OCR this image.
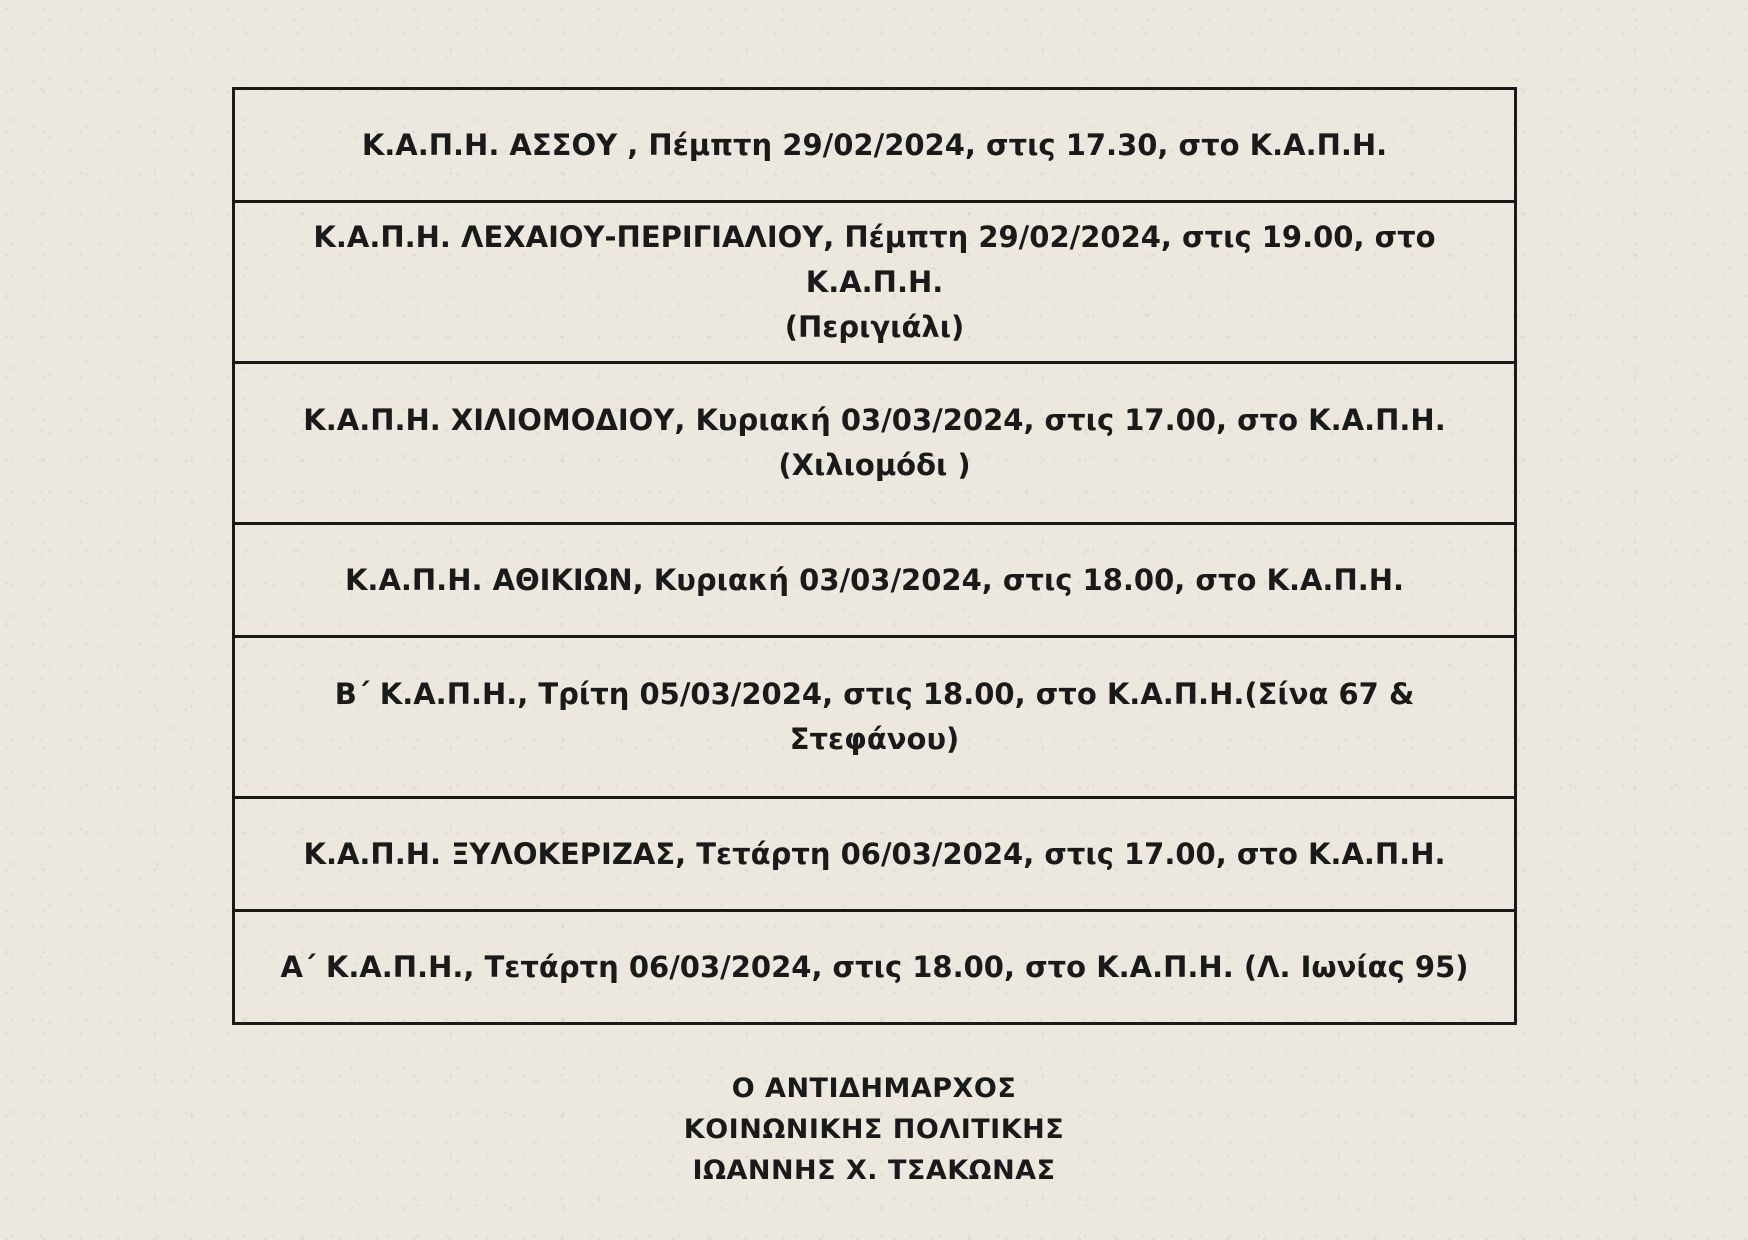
Κ.Α.Π.Η. ΑΣΣΟΥ , Πέμπτη 29/02/2024, στις 17.30, στο Κ.Α.Π.Η.
Κ.Α.Π.Η. ΛΕΧΑΙΟΥ-ΠΕΡΙΓΙΑΛΙΟΥ, Πέμπτη 29/02/2024, στις 19.00, στο Κ.Α.Π.Η.
(Περιγιάλι)
Κ.Α.Π.Η. ΧΙΛΙΟΜΟΔΙΟΥ, Κυριακή 03/03/2024, στις 17.00, στο Κ.Α.Π.Η.
(Χιλιομόδι )
Κ.Α.Π.Η. ΑΘΙΚΙΩΝ, Κυριακή 03/03/2024, στις 18.00, στο Κ.Α.Π.Η.
Β΄ Κ.Α.Π.Η., Τρίτη 05/03/2024, στις 18.00, στο Κ.Α.Π.Η.(Σίνα 67 & Στεφάνου)
Κ.Α.Π.Η. ΞΥΛΟΚΕΡΙΖΑΣ, Τετάρτη 06/03/2024, στις 17.00, στο Κ.Α.Π.Η.
Α΄ Κ.Α.Π.Η., Τετάρτη 06/03/2024, στις 18.00, στο Κ.Α.Π.Η. (Λ. Ιωνίας 95)
Ο ΑΝΤΙΔΗΜΑΡΧΟΣ
ΚΟΙΝΩΝΙΚΗΣ ΠΟΛΙΤΙΚΗΣ
ΙΩΑΝΝΗΣ Χ. ΤΣΑΚΩΝΑΣ
